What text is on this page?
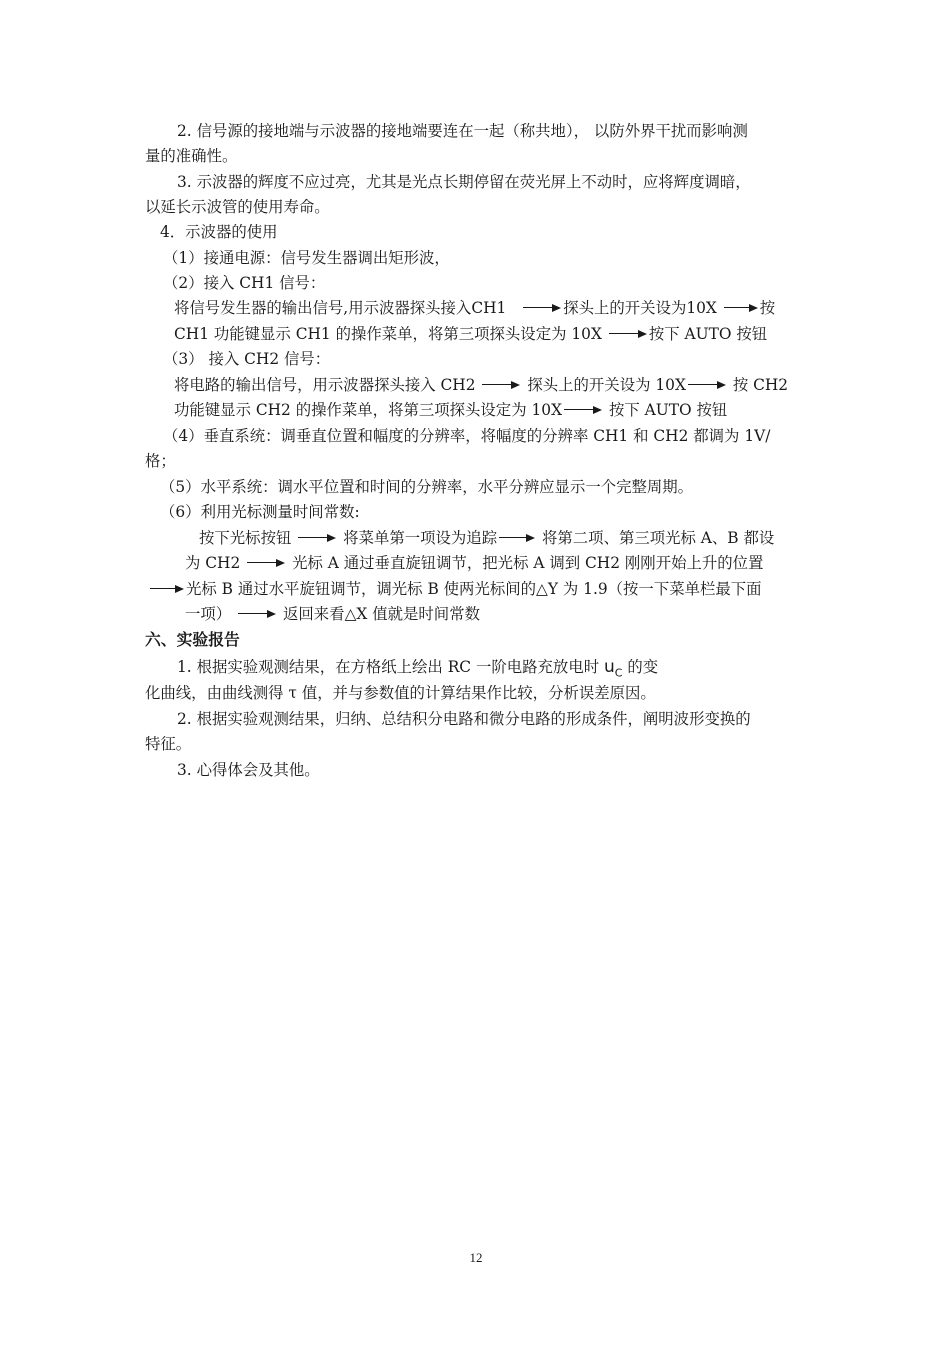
2. 信号源的接地端与示波器的接地端要连在一起（称共地）， 以防外界干扰而影响测
量的准确性。
3. 示波器的辉度不应过亮，尤其是光点长期停留在荧光屏上不动时，应将辉度调暗，
以延长示波管的使用寿命。
4．示波器的使用
（1）接通电源：信号发生器调出矩形波，
（2）接入 CH1 信号：
将信号发生器的输出信号,用示波器探头接入CH1	探头上的开关设为10X	按
CH1 功能键显示 CH1 的操作菜单，将第三项探头设定为 10X	按下 AUTO 按钮
（3） 接入 CH2 信号：
将电路的输出信号，用示波器探头接入 CH2	探头上的开关设为 10X	按 CH2
功能键显示 CH2 的操作菜单，将第三项探头设定为 10X	按下 AUTO 按钮
（4）垂直系统：调垂直位置和幅度的分辨率，将幅度的分辨率 CH1 和 CH2 都调为 1V/
格；
（5）水平系统：调水平位置和时间的分辨率，水平分辨应显示一个完整周期。
（6）利用光标测量时间常数:
按下光标按钮	将菜单第一项设为追踪	将第二项、第三项光标 A、B 都设
为 CH2	光标 A 通过垂直旋钮调节，把光标 A 调到 CH2 刚刚开始上升的位置
光标 B 通过水平旋钮调节，调光标 B 使两光标间的△Y 为 1.9（按一下菜单栏最下面
一项）	返回来看△X 值就是时间常数
六、实验报告
1. 根据实验观测结果，在方格纸上绘出 RC 一阶电路充放电时 $u_C$ 的变
化曲线，由曲线测得 τ 值，并与参数值的计算结果作比较，分析误差原因。
2. 根据实验观测结果，归纳、总结积分电路和微分电路的形成条件，阐明波形变换的
特征。
3. 心得体会及其他。
12
